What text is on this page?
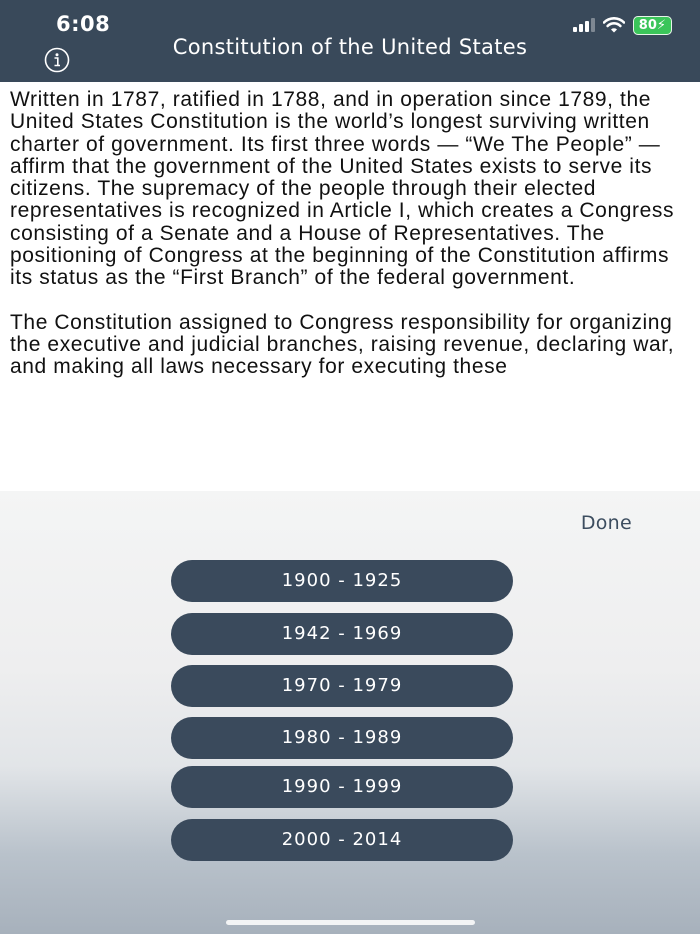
6:08	80⚡
Constitution of the United States

Written in 1787, ratified in 1788, and in operation since 1789, the United States Constitution is the world’s longest surviving written charter of government. Its first three words — “We The People” — affirm that the government of the United States exists to serve its citizens. The supremacy of the people through their elected representatives is recognized in Article I, which creates a Congress consisting of a Senate and a House of Representatives. The positioning of Congress at the beginning of the Constitution affirms its status as the “First Branch” of the federal government.

The Constitution assigned to Congress responsibility for organizing the executive and judicial branches, raising revenue, declaring war, and making all laws necessary for executing these

Done
1900 - 1925
1942 - 1969
1970 - 1979
1980 - 1989
1990 - 1999
2000 - 2014
